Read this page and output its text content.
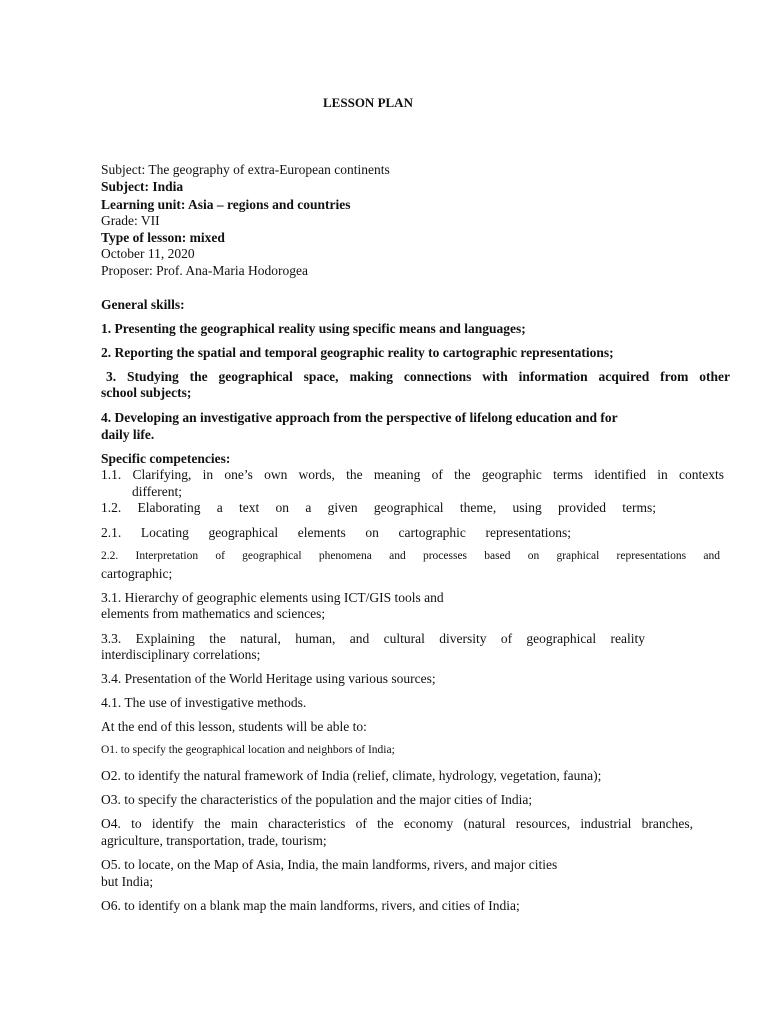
LESSON PLAN
Subject: The geography of extra-European continents
Subject: India
Learning unit: Asia – regions and countries
Grade: VII
Type of lesson: mixed
October 11, 2020
Proposer: Prof. Ana-Maria Hodorogea
General skills:
1. Presenting the geographical reality using specific means and languages;
2. Reporting the spatial and temporal geographic reality to cartographic representations;
3. Studying the geographical space, making connections with information acquired from other
school subjects;
4. Developing an investigative approach from the perspective of lifelong education and for
daily life.
Specific competencies:
1.1. Clarifying, in one’s own words, the meaning of the geographic terms identified in contexts
different;
1.2. Elaborating a text on a given geographical theme, using provided terms;
2.1. Locating geographical elements on cartographic representations;
2.2. Interpretation of geographical phenomena and processes based on graphical representations and
cartographic;
3.1. Hierarchy of geographic elements using ICT/GIS tools and
elements from mathematics and sciences;
3.3. Explaining the natural, human, and cultural diversity of geographical reality
interdisciplinary correlations;
3.4. Presentation of the World Heritage using various sources;
4.1. The use of investigative methods.
At the end of this lesson, students will be able to:
O1. to specify the geographical location and neighbors of India;
O2. to identify the natural framework of India (relief, climate, hydrology, vegetation, fauna);
O3. to specify the characteristics of the population and the major cities of India;
O4. to identify the main characteristics of the economy (natural resources, industrial branches,
agriculture, transportation, trade, tourism;
O5. to locate, on the Map of Asia, India, the main landforms, rivers, and major cities
but India;
O6. to identify on a blank map the main landforms, rivers, and cities of India;
